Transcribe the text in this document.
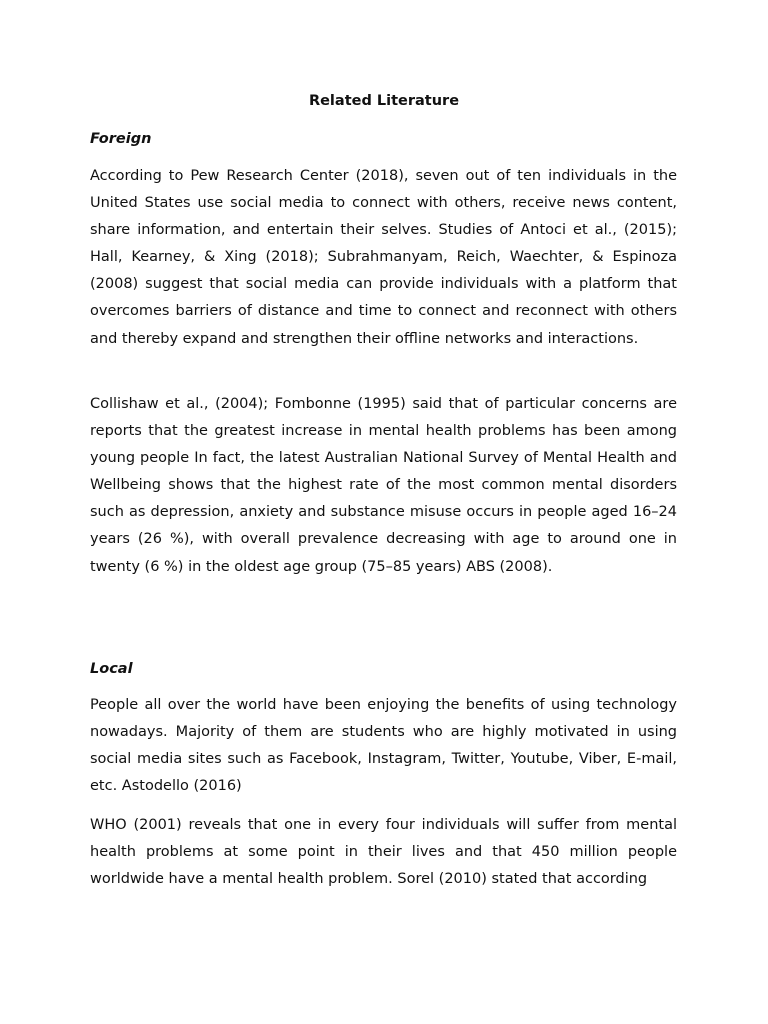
Related Literature
Foreign

According to Pew Research Center (2018), seven out of ten individuals in the United States use social media to connect with others, receive news content, share information, and entertain their selves. Studies of Antoci et al., (2015); Hall, Kearney, & Xing (2018); Subrahmanyam, Reich, Waechter, & Espinoza (2008) suggest that social media can provide individuals with a platform that overcomes barriers of distance and time to connect and reconnect with others and thereby expand and strengthen their offline networks and interactions.

Collishaw et al., (2004); Fombonne (1995) said that of particular concerns are reports that the greatest increase in mental health problems has been among young people In fact, the latest Australian National Survey of Mental Health and Wellbeing shows that the highest rate of the most common mental disorders such as depression, anxiety and substance misuse occurs in people aged 16–24 years (26 %), with overall prevalence decreasing with age to around one in twenty (6 %) in the oldest age group (75–85 years) ABS (2008).

Local

People all over the world have been enjoying the benefits of using technology nowadays. Majority of them are students who are highly motivated in using social media sites such as Facebook, Instagram, Twitter, Youtube, Viber, E-mail, etc. Astodello (2016)

WHO (2001) reveals that one in every four individuals will suffer from mental health problems at some point in their lives and that 450 million people worldwide have a mental health problem. Sorel (2010) stated that according
